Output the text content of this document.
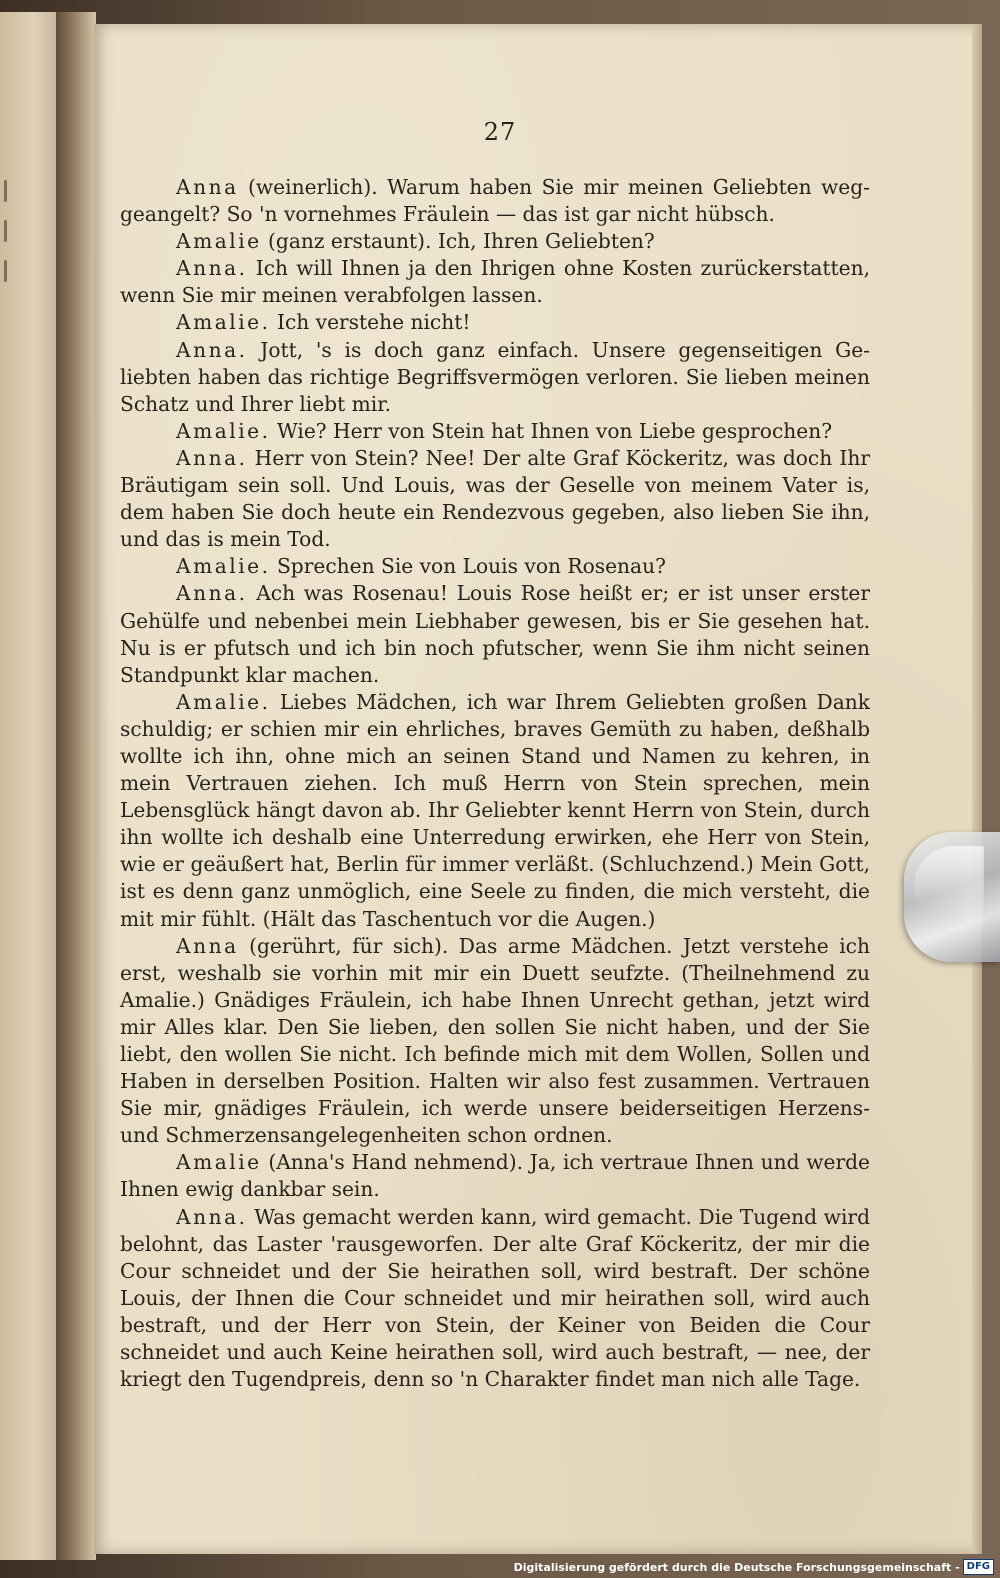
27

Anna (weinerlich). Warum haben Sie mir meinen Geliebten weggeangelt? So 'n vornehmes Fräulein — das ist gar nicht hübsch.

Amalie (ganz erstaunt). Ich, Ihren Geliebten?

Anna. Ich will Ihnen ja den Ihrigen ohne Kosten zurückerstatten, wenn Sie mir meinen verabfolgen lassen.

Amalie. Ich verstehe nicht!

Anna. Jott, 's is doch ganz einfach. Unsere gegenseitigen Geliebten haben das richtige Begriffsvermögen verloren. Sie lieben meinen Schatz und Ihrer liebt mir.

Amalie. Wie? Herr von Stein hat Ihnen von Liebe gesprochen?

Anna. Herr von Stein? Nee! Der alte Graf Köckeritz, was doch Ihr Bräutigam sein soll. Und Louis, was der Geselle von meinem Vater is, dem haben Sie doch heute ein Rendezvous gegeben, also lieben Sie ihn, und das is mein Tod.

Amalie. Sprechen Sie von Louis von Rosenau?

Anna. Ach was Rosenau! Louis Rose heißt er; er ist unser erster Gehülfe und nebenbei mein Liebhaber gewesen, bis er Sie gesehen hat. Nu is er pfutsch und ich bin noch pfutscher, wenn Sie ihm nicht seinen Standpunkt klar machen.

Amalie. Liebes Mädchen, ich war Ihrem Geliebten großen Dank schuldig; er schien mir ein ehrliches, braves Gemüth zu haben, deßhalb wollte ich ihn, ohne mich an seinen Stand und Namen zu kehren, in mein Vertrauen ziehen. Ich muß Herrn von Stein sprechen, mein Lebensglück hängt davon ab. Ihr Geliebter kennt Herrn von Stein, durch ihn wollte ich deshalb eine Unterredung erwirken, ehe Herr von Stein, wie er geäußert hat, Berlin für immer verläßt. (Schluchzend.) Mein Gott, ist es denn ganz unmöglich, eine Seele zu finden, die mich versteht, die mit mir fühlt. (Hält das Taschentuch vor die Augen.)

Anna (gerührt, für sich). Das arme Mädchen. Jetzt verstehe ich erst, weshalb sie vorhin mit mir ein Duett seufzte. (Theilnehmend zu Amalie.) Gnädiges Fräulein, ich habe Ihnen Unrecht gethan, jetzt wird mir Alles klar. Den Sie lieben, den sollen Sie nicht haben, und der Sie liebt, den wollen Sie nicht. Ich befinde mich mit dem Wollen, Sollen und Haben in derselben Position. Halten wir also fest zusammen. Vertrauen Sie mir, gnädiges Fräulein, ich werde unsere beiderseitigen Herzens- und Schmerzensangelegenheiten schon ordnen.

Amalie (Anna's Hand nehmend). Ja, ich vertraue Ihnen und werde Ihnen ewig dankbar sein.

Anna. Was gemacht werden kann, wird gemacht. Die Tugend wird belohnt, das Laster 'rausgeworfen. Der alte Graf Köckeritz, der mir die Cour schneidet und der Sie heirathen soll, wird bestraft. Der schöne Louis, der Ihnen die Cour schneidet und mir heirathen soll, wird auch bestraft, und der Herr von Stein, der Keiner von Beiden die Cour schneidet und auch Keine heirathen soll, wird auch bestraft, — nee, der kriegt den Tugendpreis, denn so 'n Charakter findet man nich alle Tage.

Digitalisierung gefördert durch die Deutsche Forschungsgemeinschaft - DFG
